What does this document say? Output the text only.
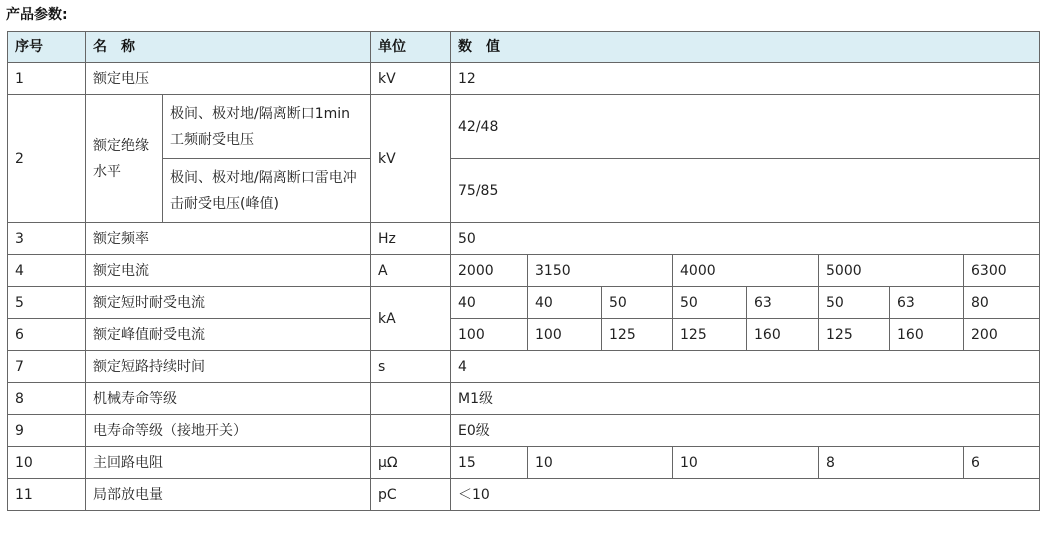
产品参数:
序号	名　称		单位	数　值							
1	额定电压		kV	12							
2	额定绝缘水平	极间、极对地/隔离断口1min工频耐受电压	kV	42/48							
		极间、极对地/隔离断口雷电冲击耐受电压(峰值)		75/85							
3	额定频率		Hz	50							
4	额定电流		A	2000	3150		4000		5000		6300
5	额定短时耐受电流		kA	40	40	50	50	63	50	63	80
6	额定峰值耐受电流			100	100	125	125	160	125	160	200
7	额定短路持续时间		s	4							
8	机械寿命等级			M1级							
9	电寿命等级（接地开关）			E0级							
10	主回路电阻		μΩ	15	10		10		8		6
11	局部放电量		pC	＜10							
